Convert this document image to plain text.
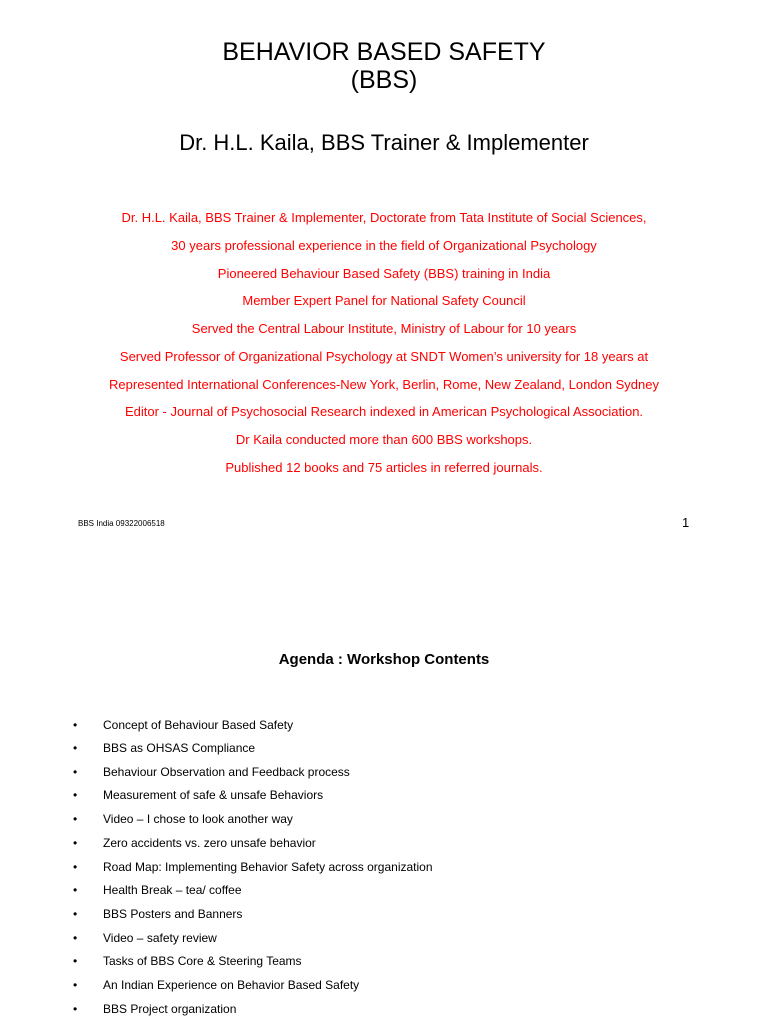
BEHAVIOR BASED SAFETY
(BBS)
Dr. H.L. Kaila, BBS Trainer & Implementer
Dr. H.L. Kaila, BBS Trainer & Implementer, Doctorate from Tata Institute of Social Sciences,
30 years professional experience in the field of Organizational Psychology
Pioneered Behaviour Based Safety (BBS) training in India
Member Expert Panel for National Safety Council
Served the Central Labour Institute, Ministry of Labour for 10 years
Served Professor of Organizational Psychology at SNDT Women’s university for 18 years at
Represented International Conferences-New York, Berlin, Rome, New Zealand, London Sydney
Editor - Journal of Psychosocial Research indexed in American Psychological Association.
Dr Kaila conducted more than 600 BBS workshops.
Published 12 books and 75 articles in referred journals.
BBS India 09322006518	1
Agenda : Workshop Contents
• Concept of Behaviour Based Safety
• BBS as OHSAS Compliance
• Behaviour Observation and Feedback process
• Measurement of safe & unsafe Behaviors
• Video – I chose to look another way
• Zero accidents vs. zero unsafe behavior
• Road Map: Implementing Behavior Safety across organization
• Health Break – tea/ coffee
• BBS Posters and Banners
• Video – safety review
• Tasks of BBS Core & Steering Teams
• An Indian Experience on Behavior Based Safety
• BBS Project organization
